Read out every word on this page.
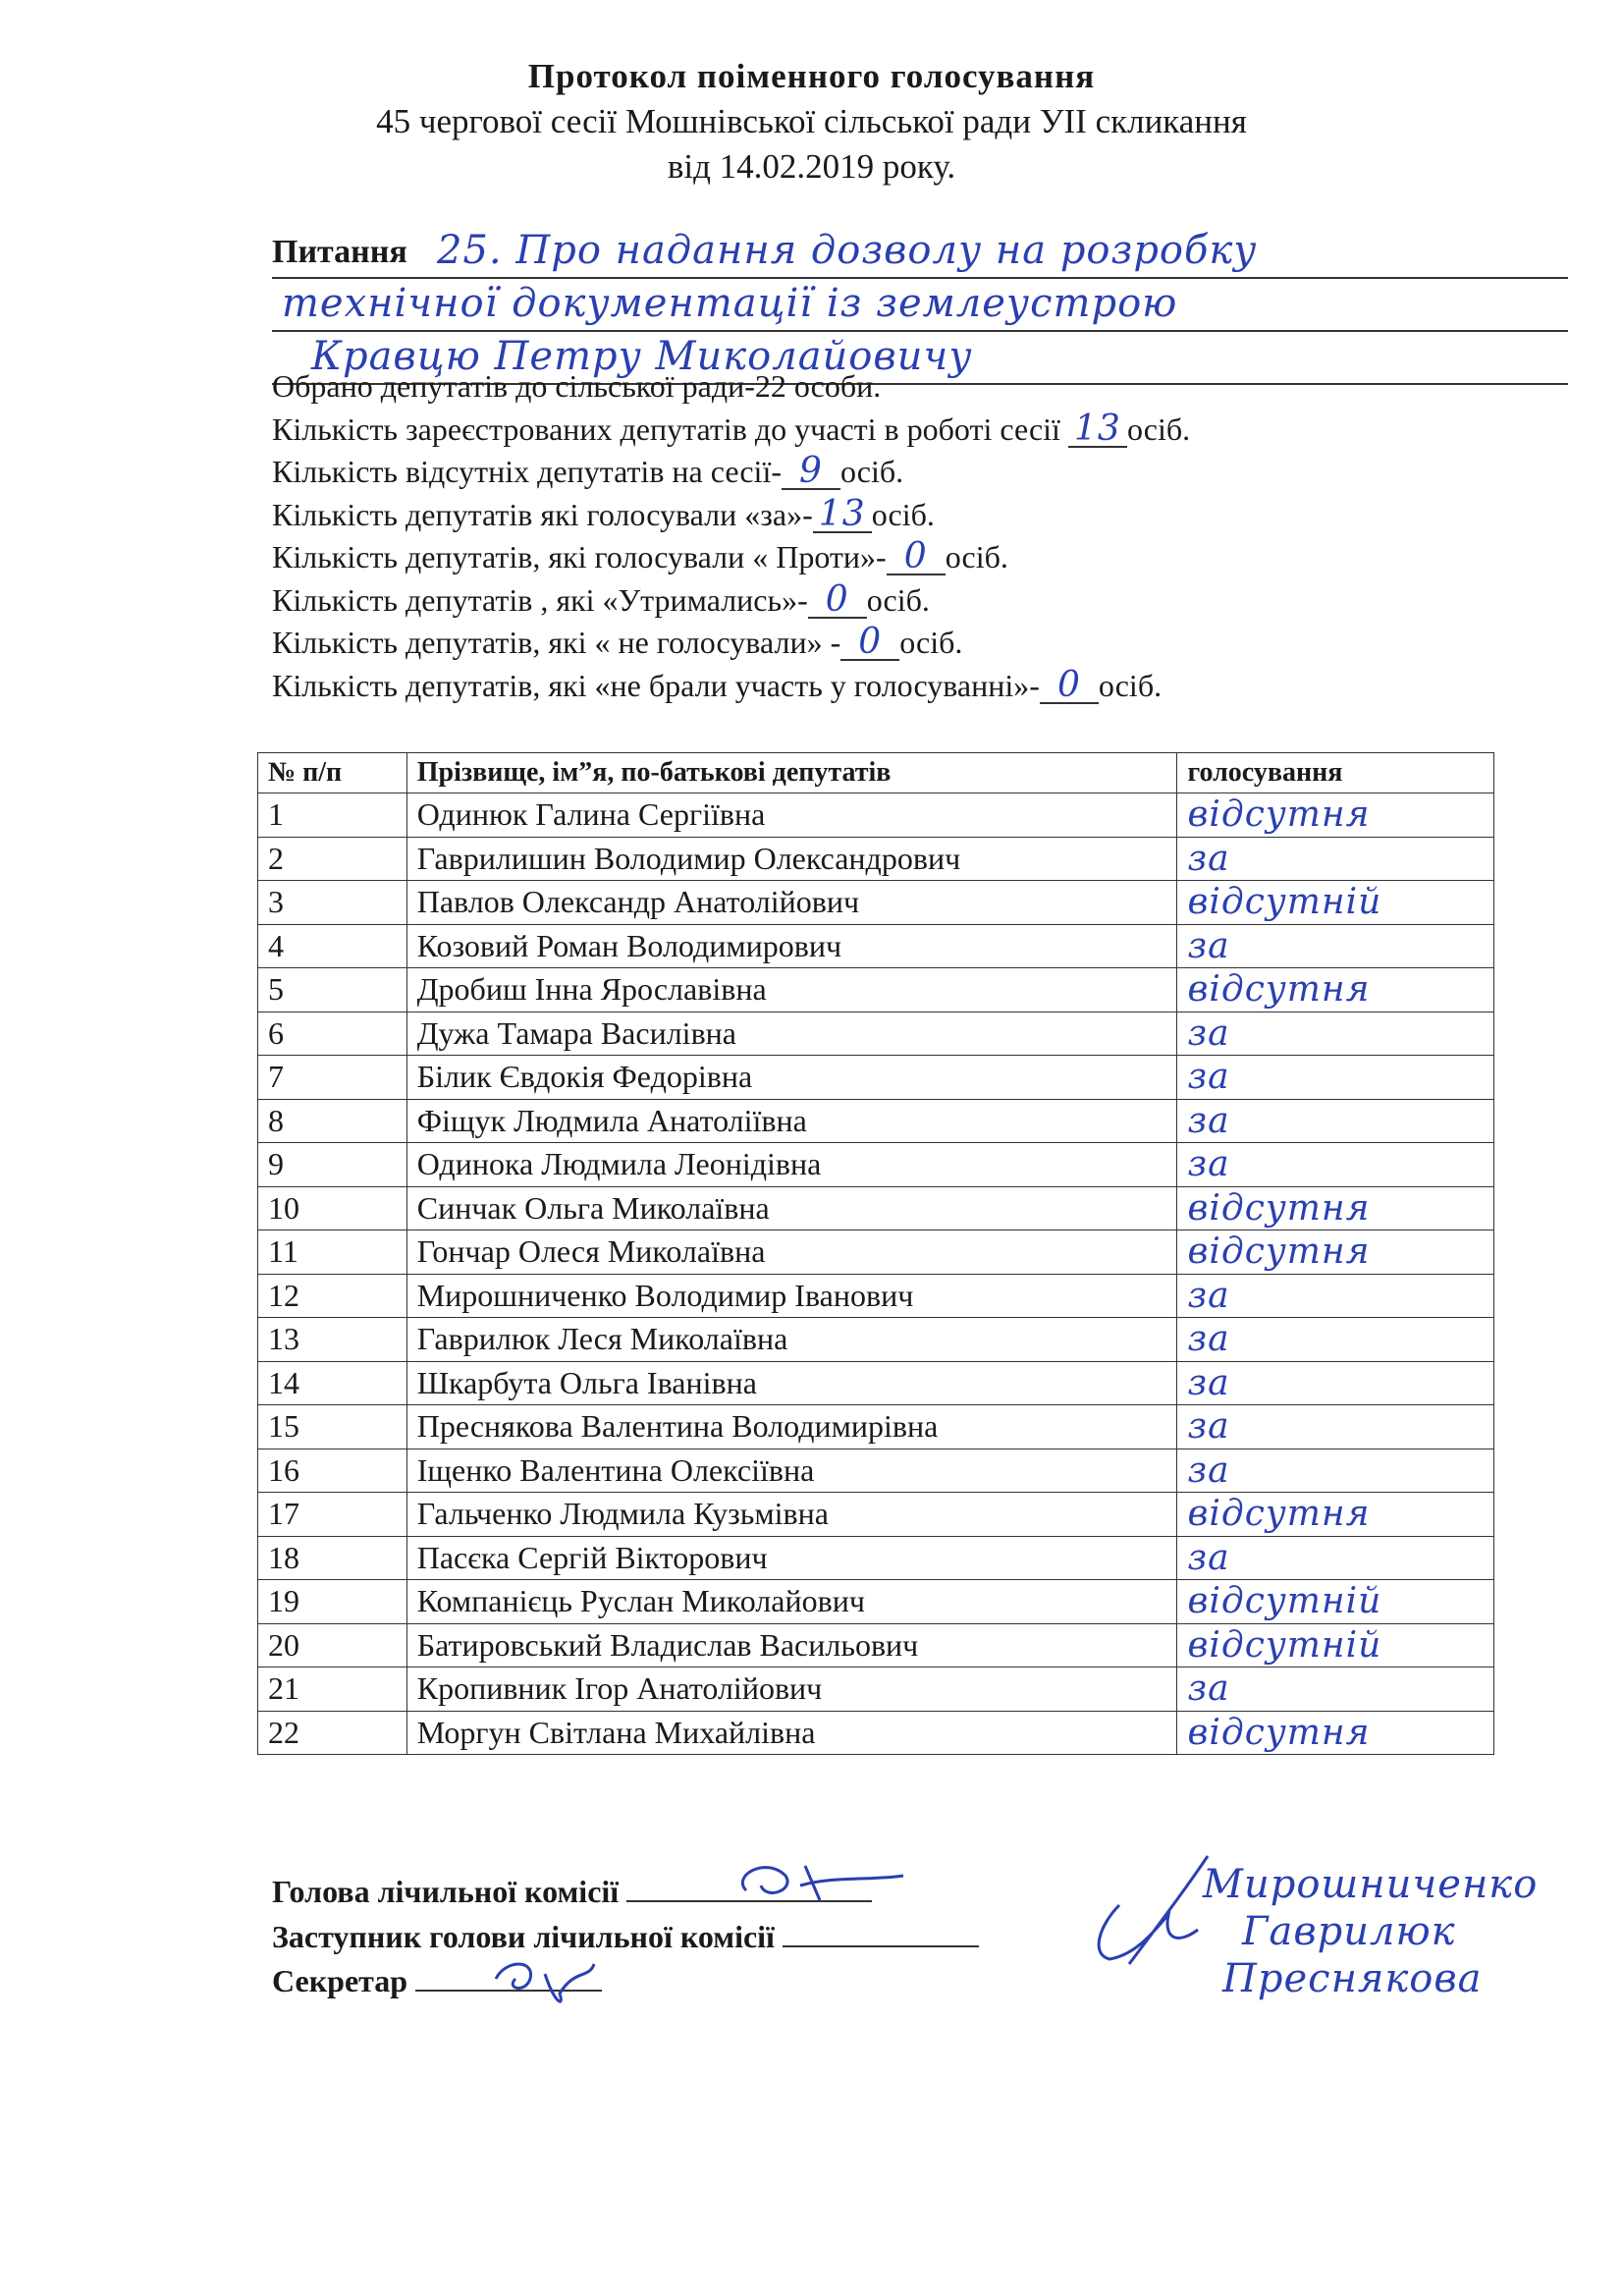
Протокол поіменного голосування
45 чергової сесії Мошнівської сільської ради УІІ скликання
від 14.02.2019 року.
Питання 25. Про надання дозволу на розробку
технічної документації із землеустрою
Кравцю Петру Миколайовичу
Обрано депутатів до сільської ради-22 особи.
Кількість зареєстрованих депутатів до участі в роботі сесії 13 осіб.
Кількість відсутніх депутатів на сесії- 9 осіб.
Кількість депутатів які голосували «за»- 13 осіб.
Кількість депутатів, які голосували « Проти»- 0 осіб.
Кількість депутатів , які «Утримались»- 0 осіб.
Кількість депутатів, які « не голосували» - 0 осіб.
Кількість депутатів, які «не брали участь у голосуванні»- 0 осіб.
№ п/п	Прізвище, ім”я, по-батькові депутатів	голосування
1	Одинюк Галина Сергіївна	відсутня
2	Гаврилишин Володимир Олександрович	за
3	Павлов Олександр Анатолійович	відсутній
4	Козовий Роман Володимирович	за
5	Дробиш Інна Ярославівна	відсутня
6	Дужа Тамара Василівна	за
7	Білик Євдокія Федорівна	за
8	Фіщук Людмила Анатоліївна	за
9	Одинока Людмила Леонідівна	за
10	Синчак Ольга Миколаївна	відсутня
11	Гончар Олеся Миколаївна	відсутня
12	Мирошниченко Володимир Іванович	за
13	Гаврилюк Леся Миколаївна	за
14	Шкарбута Ольга Іванівна	за
15	Преснякова Валентина Володимирівна	за
16	Іщенко Валентина Олексіївна	за
17	Гальченко Людмила Кузьмівна	відсутня
18	Пасєка Сергій Вікторович	за
19	Компанієць Руслан Миколайович	відсутній
20	Батировський Владислав Васильович	відсутній
21	Кропивник Ігор Анатолійович	за
22	Моргун Світлана Михайлівна	відсутня
Голова лічильної комісії
Заступник голови лічильної комісії
Секретар
Мирошниченко
Гаврилюк
Преснякова
